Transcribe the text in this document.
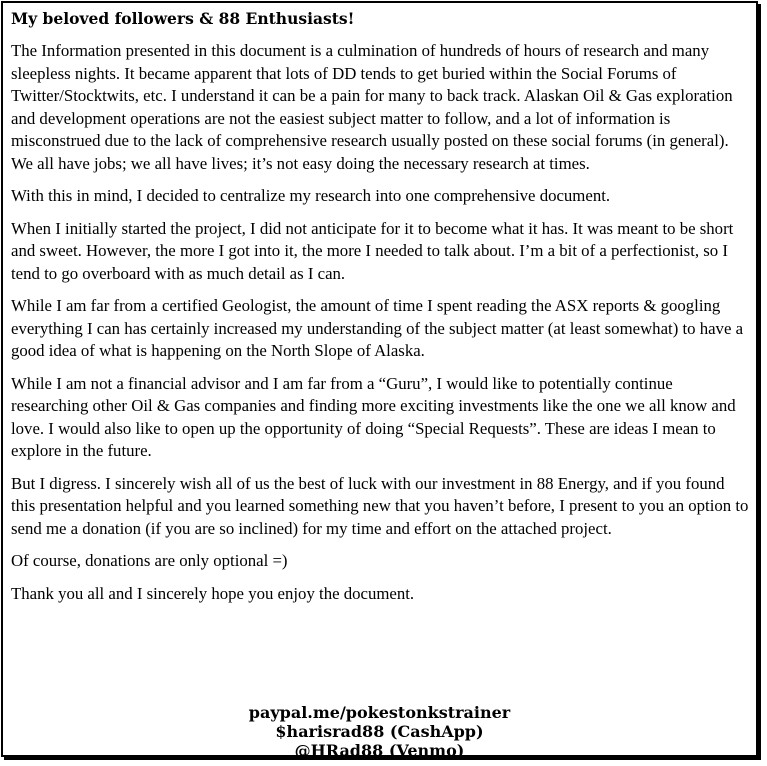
My beloved followers & 88 Enthusiasts!

The Information presented in this document is a culmination of hundreds of hours of research and many sleepless nights. It became apparent that lots of DD tends to get buried within the Social Forums of Twitter/Stocktwits, etc. I understand it can be a pain for many to back track. Alaskan Oil & Gas exploration and development operations are not the easiest subject matter to follow, and a lot of information is misconstrued due to the lack of comprehensive research usually posted on these social forums (in general). We all have jobs; we all have lives; it’s not easy doing the necessary research at times.

With this in mind, I decided to centralize my research into one comprehensive document.

When I initially started the project, I did not anticipate for it to become what it has. It was meant to be short and sweet. However, the more I got into it, the more I needed to talk about. I’m a bit of a perfectionist, so I tend to go overboard with as much detail as I can.

While I am far from a certified Geologist, the amount of time I spent reading the ASX reports & googling everything I can has certainly increased my understanding of the subject matter (at least somewhat) to have a good idea of what is happening on the North Slope of Alaska.

While I am not a financial advisor and I am far from a “Guru”, I would like to potentially continue researching other Oil & Gas companies and finding more exciting investments like the one we all know and love. I would also like to open up the opportunity of doing “Special Requests”. These are ideas I mean to explore in the future.

But I digress. I sincerely wish all of us the best of luck with our investment in 88 Energy, and if you found this presentation helpful and you learned something new that you haven’t before, I present to you an option to send me a donation (if you are so inclined) for my time and effort on the attached project.

Of course, donations are only optional =)

Thank you all and I sincerely hope you enjoy the document.

paypal.me/pokestonkstrainer
$harisrad88 (CashApp)
@HRad88 (Venmo)
